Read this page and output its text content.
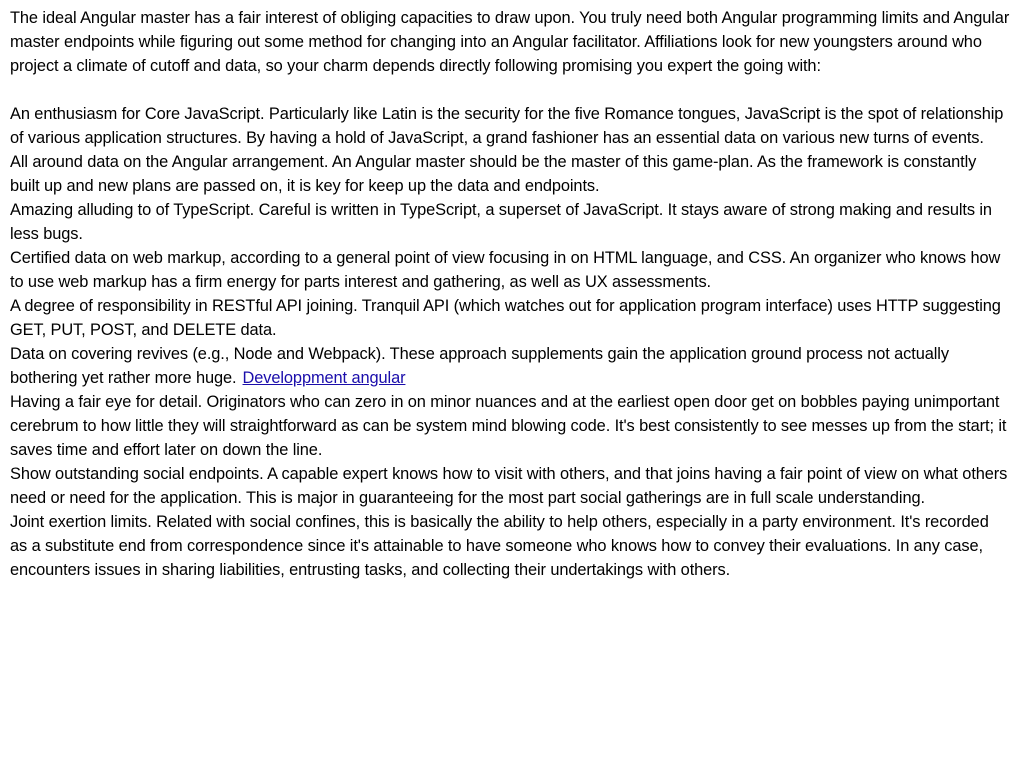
The ideal Angular master has a fair interest of obliging capacities to draw upon. You truly need both Angular programming limits and Angular master endpoints while figuring out some method for changing into an Angular facilitator. Affiliations look for new youngsters around who project a climate of cutoff and data, so your charm depends directly following promising you expert the going with:

An enthusiasm for Core JavaScript. Particularly like Latin is the security for the five Romance tongues, JavaScript is the spot of relationship of various application structures. By having a hold of JavaScript, a grand fashioner has an essential data on various new turns of events.

All around data on the Angular arrangement. An Angular master should be the master of this game-plan. As the framework is constantly built up and new plans are passed on, it is key for keep up the data and endpoints.

Amazing alluding to of TypeScript. Careful is written in TypeScript, a superset of JavaScript. It stays aware of strong making and results in less bugs.

Certified data on web markup, according to a general point of view focusing in on HTML language, and CSS. An organizer who knows how to use web markup has a firm energy for parts interest and gathering, as well as UX assessments.

A degree of responsibility in RESTful API joining. Tranquil API (which watches out for application program interface) uses HTTP suggesting GET, PUT, POST, and DELETE data.

Data on covering revives (e.g., Node and Webpack). These approach supplements gain the application ground process not actually bothering yet rather more huge. Developpment angular

Having a fair eye for detail. Originators who can zero in on minor nuances and at the earliest open door get on bobbles paying unimportant cerebrum to how little they will straightforward as can be system mind blowing code. It's best consistently to see messes up from the start; it saves time and effort later on down the line.

Show outstanding social endpoints. A capable expert knows how to visit with others, and that joins having a fair point of view on what others need or need for the application. This is major in guaranteeing for the most part social gatherings are in full scale understanding.

Joint exertion limits. Related with social confines, this is basically the ability to help others, especially in a party environment. It's recorded as a substitute end from correspondence since it's attainable to have someone who knows how to convey their evaluations. In any case, encounters issues in sharing liabilities, entrusting tasks, and collecting their undertakings with others.
